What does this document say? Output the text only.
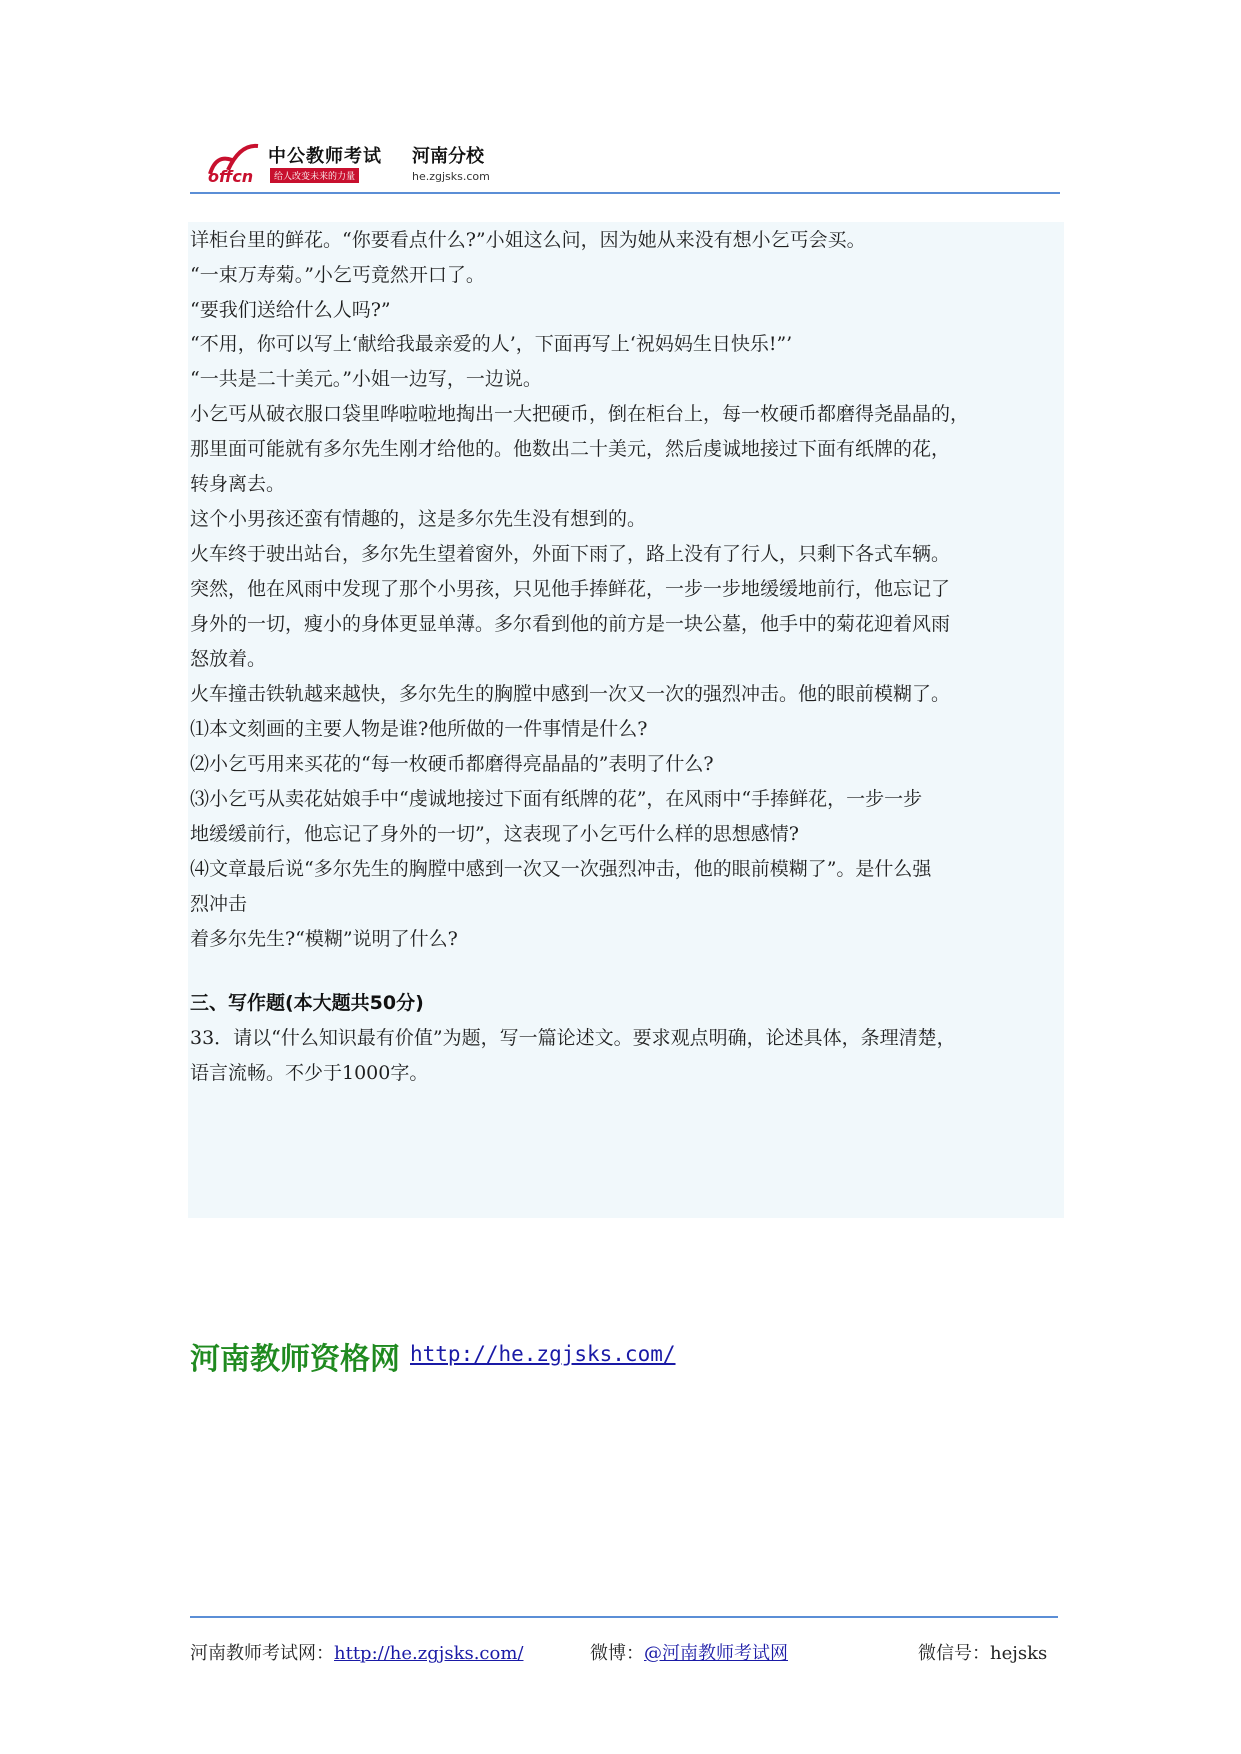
offcn
中公教师考试
给人改变未来的力量
河南分校
he.zgjsks.com
详柜台里的鲜花。“你要看点什么?”小姐这么问，因为她从来没有想小乞丐会买。
“一束万寿菊。”小乞丐竟然开口了。
“要我们送给什么人吗?”
“不用，你可以写上‘献给我最亲爱的人’，下面再写上‘祝妈妈生日快乐!”’
“一共是二十美元。”小姐一边写，一边说。
小乞丐从破衣服口袋里哗啦啦地掏出一大把硬币，倒在柜台上，每一枚硬币都磨得尧晶晶的，
那里面可能就有多尔先生刚才给他的。他数出二十美元，然后虔诚地接过下面有纸牌的花，
转身离去。
这个小男孩还蛮有情趣的，这是多尔先生没有想到的。
火车终于驶出站台，多尔先生望着窗外，外面下雨了，路上没有了行人，只剩下各式车辆。
突然，他在风雨中发现了那个小男孩，只见他手捧鲜花，一步一步地缓缓地前行，他忘记了
身外的一切，瘦小的身体更显单薄。多尔看到他的前方是一块公墓，他手中的菊花迎着风雨
怒放着。
火车撞击铁轨越来越快，多尔先生的胸膛中感到一次又一次的强烈冲击。他的眼前模糊了。
⑴本文刻画的主要人物是谁?他所做的一件事情是什么?
⑵小乞丐用来买花的“每一枚硬币都磨得亮晶晶的”表明了什么?
⑶小乞丐从卖花姑娘手中“虔诚地接过下面有纸牌的花”，在风雨中“手捧鲜花，一步一步
地缓缓前行，他忘记了身外的一切”，这表现了小乞丐什么样的思想感情?
⑷文章最后说“多尔先生的胸膛中感到一次又一次强烈冲击，他的眼前模糊了”。是什么强
烈冲击
着多尔先生?“模糊”说明了什么?
三、写作题(本大题共50分)
33．请以“什么知识最有价值”为题，写一篇论述文。要求观点明确，论述具体，条理清楚，
语言流畅。不少于1000字。
河南教师资格网 http://he.zgjsks.com/
河南教师考试网：http://he.zgjsks.com/	微博：@河南教师考试网	微信号：hejsks
